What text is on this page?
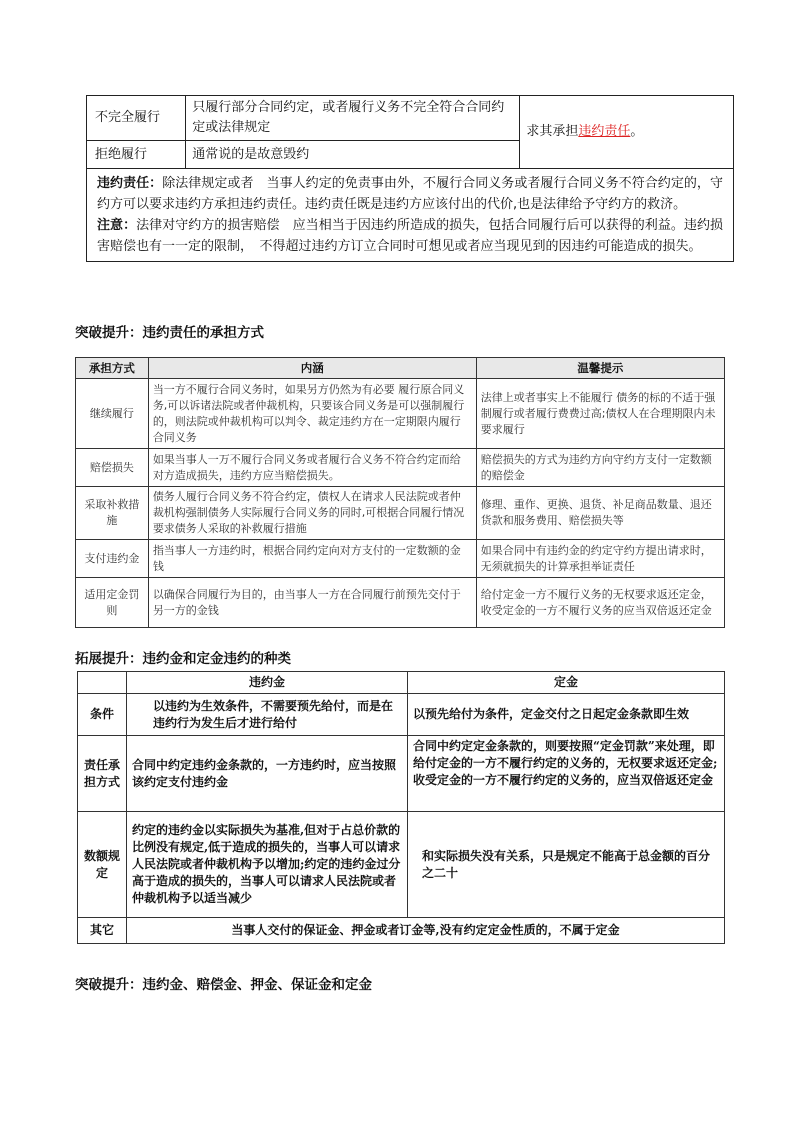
不完全履行	只履行部分合同约定，或者履行义务不完全符合合同约定或法律规定	求其承担违约责任。
拒绝履行	通常说的是故意毁约	

违约责任：除法律规定或者　当事人约定的免责事由外，不履行合同义务或者履行合同义务不符合约定的，守约方可以要求违约方承担违约责任。违约责任既是违约方应该付出的代价,也是法律给予守约方的救济。
注意：法律对守约方的损害赔偿　应当相当于因违约所造成的损失，包括合同履行后可以获得的利益。违约损害赔偿也有一一定的限制，　不得超过违约方订立合同时可想见或者应当现见到的因违约可能造成的损失。		
突破提升：违约责任的承担方式
承担方式	内涵	温馨提示
继续履行	当一方不履行合同义务时，如果另方仍然为有必要 履行原合同义务,可以诉诸法院或者仲裁机构，只要该合同义务是可以强制履行的，则法院或仲裁机构可以判令、裁定违约方在一定期限内履行合同义务	法律上或者事实上不能履行 债务的标的不适于强制履行或者履行费费过高;债权人在合理期限内未要求履行
赔偿损失	如果当事人一万不履行合同义务或者履行合义务不符合约定而给对方造成损失，违约方应当赔偿损失。	赔偿损失的方式为违约方向守约方支付一定数额的赔偿金
采取补救措施	债务人履行合同义务不符合约定，债权人在请求人民法院或者仲裁机构强制债务人实际履行合同义务的同时,可根据合同履行情况要求债务人采取的补救履行措施	修理、重作、更换、退货、补足商品数量、退还货款和服务费用、赔偿损失等
支付违约金	指当事人一方违约时，根据合同约定向对方支付的一定数额的金钱	如果合同中有违约金的约定守约方提出请求时，无须就损失的计算承担举证责任
适用定金罚则	以确保合同履行为目的，由当事人一方在合同履行前预先交付于另一方的金钱	给付定金一方不履行义务的无权要求返还定金，收受定金的一方不履行义务的应当双倍返还定金
拓展提升：违约金和定金违约的种类
	违约金	定金
条件	以违约为生效条件，不需要预先给付，而是在违约行为发生后才进行给付	以预先给付为条件，定金交付之日起定金条款即生效
责任承担方式	合同中约定违约金条款的，一方违约时，应当按照该约定支付违约金	合同中约定定金条款的，则要按照“定金罚款”来处理，即给付定金的一方不履行约定的义务的，无权要求返还定金;收受定金的一方不履行约定的义务的，应当双倍返还定金
数额规定	约定的违约金以实际损失为基准,但对于占总价款的比例没有规定,低于造成的损失的，当事人可以请求人民法院或者仲裁机构予以增加;约定的违约金过分高于造成的损失的，当事人可以请求人民法院或者仲裁机构予以适当减少	和实际损失没有关系，只是规定不能高于总金额的百分之二十
其它	当事人交付的保证金、押金或者订金等,没有约定定金性质的，不属于定金	
突破提升：违约金、赔偿金、押金、保证金和定金
